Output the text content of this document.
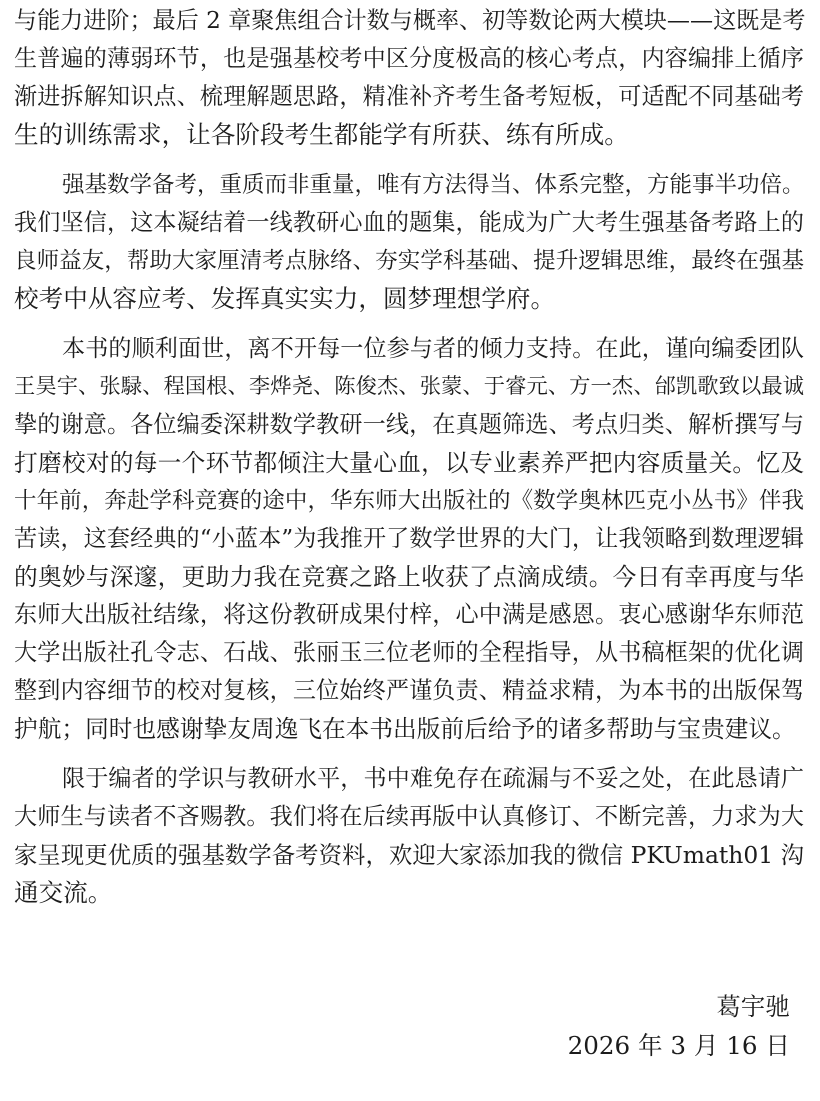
与能力进阶；最后 2 章聚焦组合计数与概率、初等数论两大模块——这既是考
生普遍的薄弱环节，也是强基校考中区分度极高的核心考点，内容编排上循序
渐进拆解知识点、梳理解题思路，精准补齐考生备考短板，可适配不同基础考
生的训练需求，让各阶段考生都能学有所获、练有所成。
强基数学备考，重质而非重量，唯有方法得当、体系完整，方能事半功倍。
我们坚信，这本凝结着一线教研心血的题集，能成为广大考生强基备考路上的
良师益友，帮助大家厘清考点脉络、夯实学科基础、提升逻辑思维，最终在强基
校考中从容应考、发挥真实实力，圆梦理想学府。
本书的顺利面世，离不开每一位参与者的倾力支持。在此，谨向编委团队
王昊宇、张騄、程国根、李烨尧、陈俊杰、张蒙、于睿元、方一杰、邰凯歌致以最诚
挚的谢意。各位编委深耕数学教研一线，在真题筛选、考点归类、解析撰写与
打磨校对的每一个环节都倾注大量心血，以专业素养严把内容质量关。忆及
十年前，奔赴学科竞赛的途中，华东师大出版社的《数学奥林匹克小丛书》伴我
苦读，这套经典的“小蓝本”为我推开了数学世界的大门，让我领略到数理逻辑
的奥妙与深邃，更助力我在竞赛之路上收获了点滴成绩。今日有幸再度与华
东师大出版社结缘，将这份教研成果付梓，心中满是感恩。衷心感谢华东师范
大学出版社孔令志、石战、张丽玉三位老师的全程指导，从书稿框架的优化调
整到内容细节的校对复核，三位始终严谨负责、精益求精，为本书的出版保驾
护航；同时也感谢挚友周逸飞在本书出版前后给予的诸多帮助与宝贵建议。
限于编者的学识与教研水平，书中难免存在疏漏与不妥之处，在此恳请广
大师生与读者不吝赐教。我们将在后续再版中认真修订、不断完善，力求为大
家呈现更优质的强基数学备考资料，欢迎大家添加我的微信 PKUmath01 沟
通交流。
葛宇驰
2026 年 3 月 16 日
